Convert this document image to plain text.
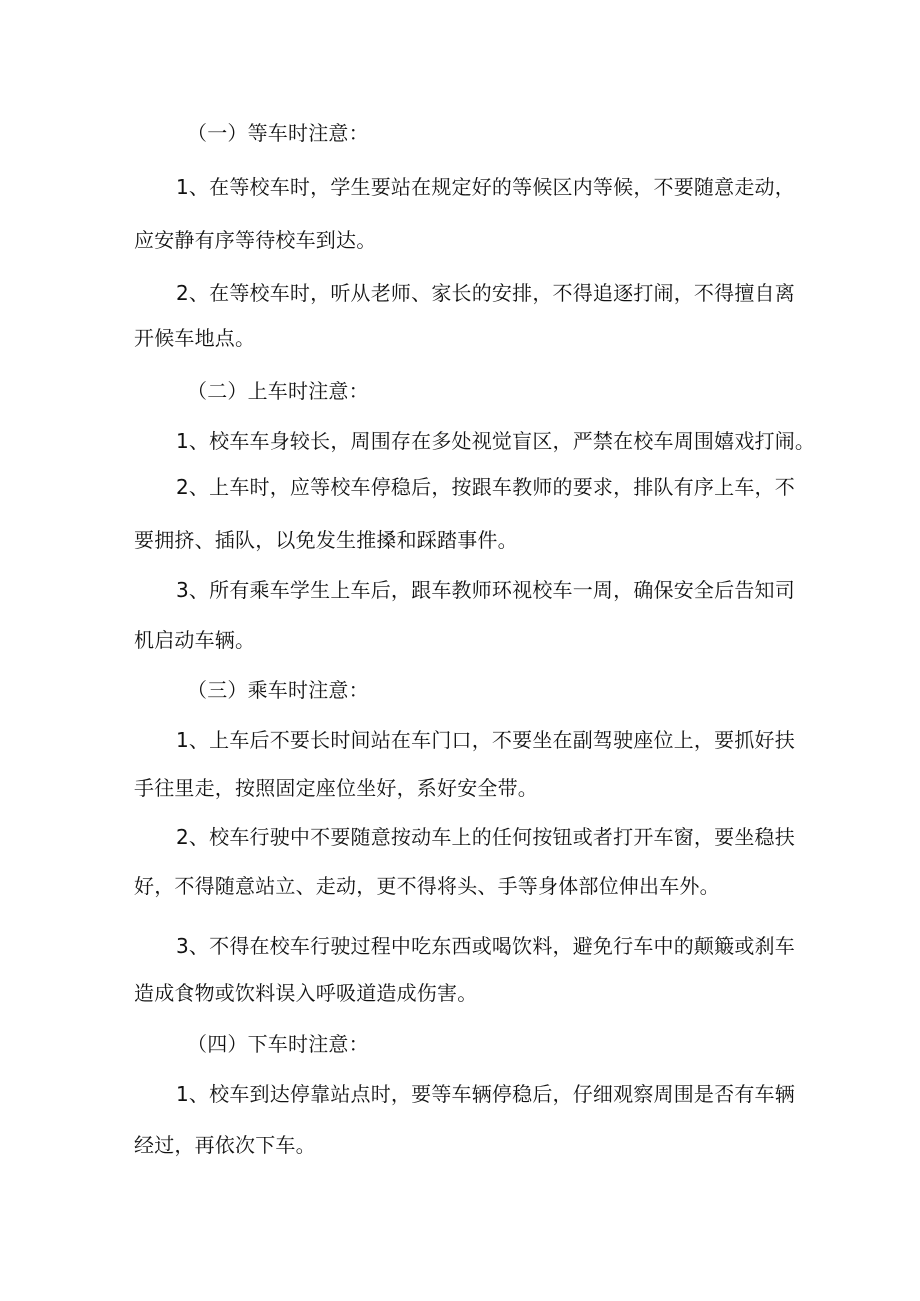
（一）等车时注意：
1、在等校车时，学生要站在规定好的等候区内等候，不要随意走动，
应安静有序等待校车到达。
2、在等校车时，听从老师、家长的安排，不得追逐打闹，不得擅自离
开候车地点。
（二）上车时注意：
1、校车车身较长，周围存在多处视觉盲区，严禁在校车周围嬉戏打闹。
2、上车时，应等校车停稳后，按跟车教师的要求，排队有序上车，不
要拥挤、插队，以免发生推搡和踩踏事件。
3、所有乘车学生上车后，跟车教师环视校车一周，确保安全后告知司
机启动车辆。
（三）乘车时注意：
1、上车后不要长时间站在车门口，不要坐在副驾驶座位上，要抓好扶
手往里走，按照固定座位坐好，系好安全带。
2、校车行驶中不要随意按动车上的任何按钮或者打开车窗，要坐稳扶
好，不得随意站立、走动，更不得将头、手等身体部位伸出车外。
3、不得在校车行驶过程中吃东西或喝饮料，避免行车中的颠簸或刹车
造成食物或饮料误入呼吸道造成伤害。
（四）下车时注意：
1、校车到达停靠站点时，要等车辆停稳后，仔细观察周围是否有车辆
经过，再依次下车。
